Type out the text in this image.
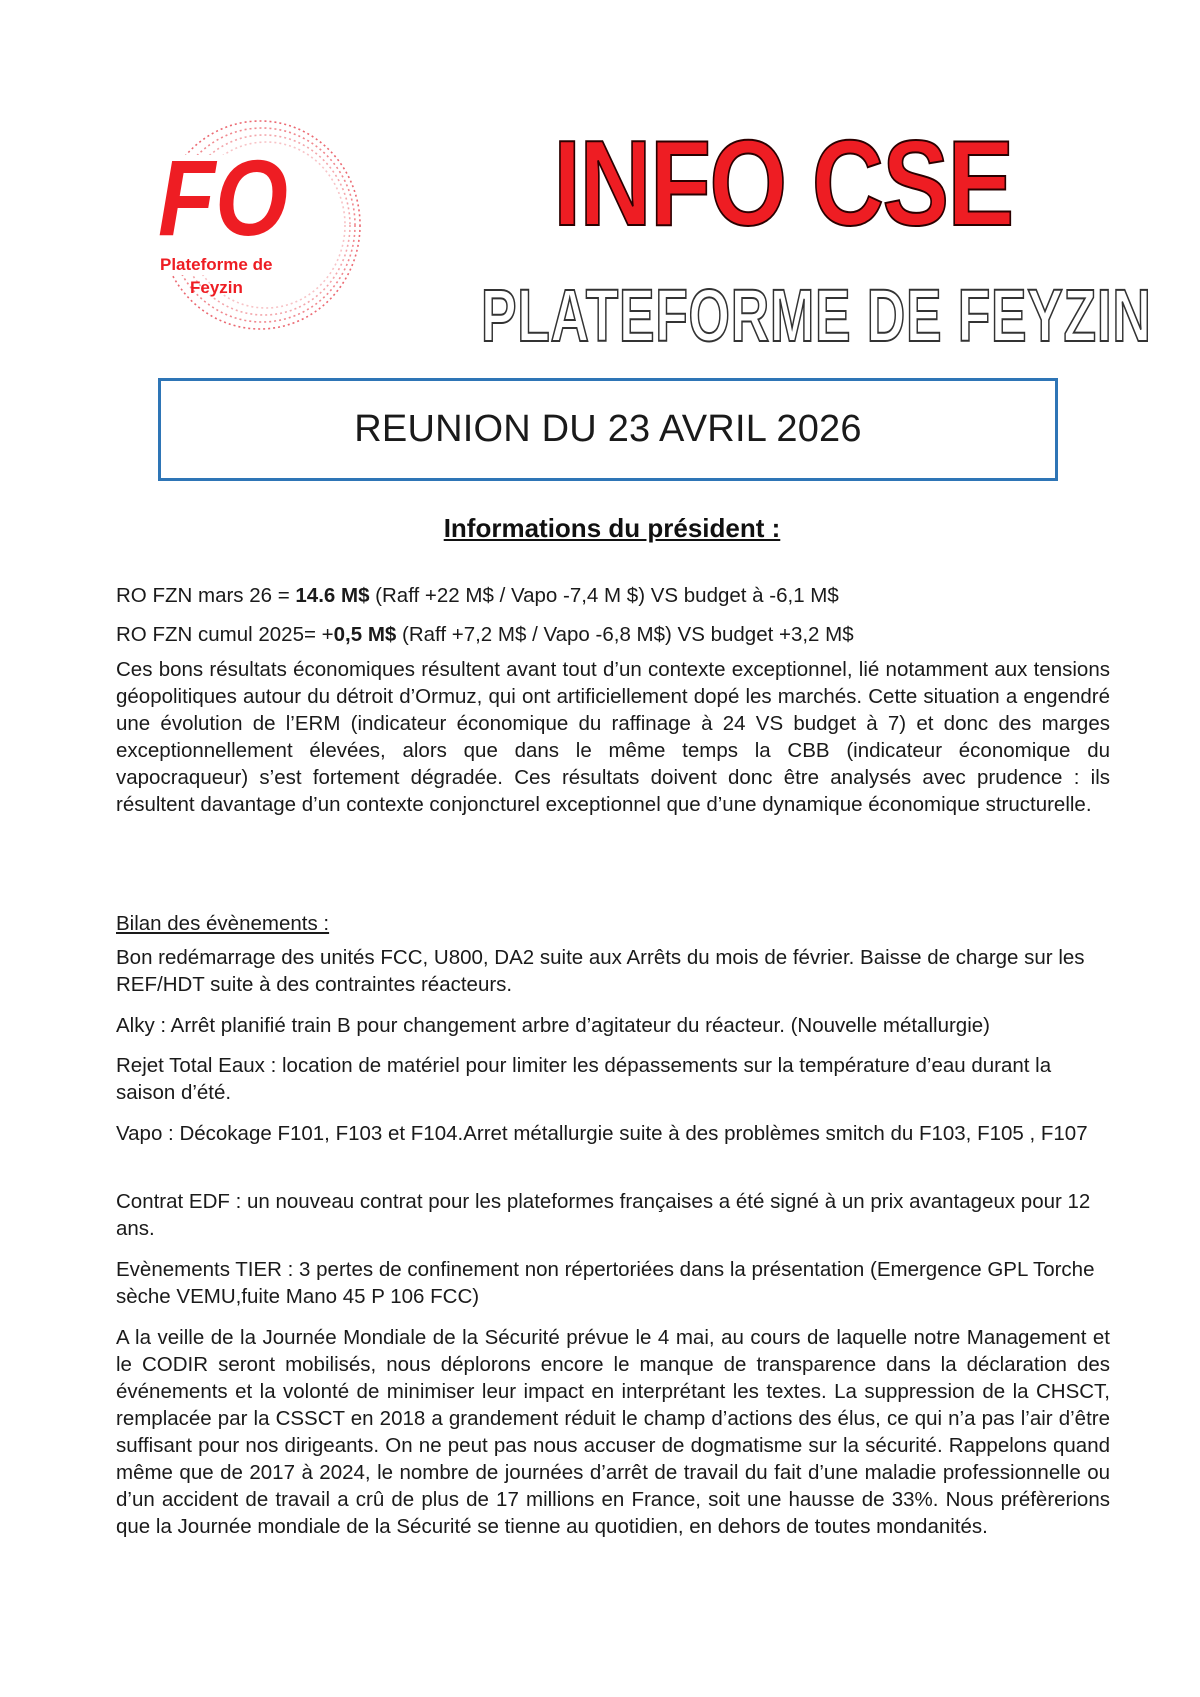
FO
Plateforme de
Feyzin
INFO CSE
PLATEFORME DE FEYZIN
REUNION DU 23 AVRIL 2026
Informations du président :
RO FZN mars 26 = 14.6 M$ (Raff +22 M$ / Vapo -7,4 M $) VS budget à -6,1 M$
RO FZN cumul 2025= +0,5 M$ (Raff +7,2 M$ / Vapo -6,8 M$) VS budget +3,2 M$
Ces bons résultats économiques résultent avant tout d’un contexte exceptionnel, lié notamment aux tensions géopolitiques autour du détroit d’Ormuz, qui ont artificiellement dopé les marchés. Cette situation a engendré une évolution de l’ERM (indicateur économique du raffinage à 24 VS budget à 7) et donc des marges exceptionnellement élevées, alors que dans le même temps la CBB (indicateur économique du vapocraqueur) s’est fortement dégradée. Ces résultats doivent donc être analysés avec prudence : ils résultent davantage d’un contexte conjoncturel exceptionnel que d’une dynamique économique structurelle.
Bilan des évènements :
Bon redémarrage des unités FCC, U800, DA2 suite aux Arrêts du mois de février. Baisse de charge sur les REF/HDT suite à des contraintes réacteurs.
Alky : Arrêt planifié train B pour changement arbre d’agitateur du réacteur. (Nouvelle métallurgie)
Rejet Total Eaux : location de matériel pour limiter les dépassements sur la température d’eau durant la saison d’été.
Vapo : Décokage F101, F103 et F104.Arret métallurgie suite à des problèmes smitch du F103, F105 , F107
Contrat EDF : un nouveau contrat pour les plateformes françaises a été signé à un prix avantageux pour 12 ans.
Evènements TIER : 3 pertes de confinement non répertoriées dans la présentation (Emergence GPL Torche sèche VEMU,fuite Mano 45 P 106 FCC)
A la veille de la Journée Mondiale de la Sécurité prévue le 4 mai, au cours de laquelle notre Management et le CODIR seront mobilisés, nous déplorons encore le manque de transparence dans la déclaration des événements et la volonté de minimiser leur impact en interprétant les textes. La suppression de la CHSCT, remplacée par la CSSCT en 2018 a grandement réduit le champ d’actions des élus, ce qui n’a pas l’air d’être suffisant pour nos dirigeants. On ne peut pas nous accuser de dogmatisme sur la sécurité. Rappelons quand même que de 2017 à 2024, le nombre de journées d’arrêt de travail du fait d’une maladie professionnelle ou d’un accident de travail a crû de plus de 17 millions en France, soit une hausse de 33%. Nous préfèrerions que la Journée mondiale de la Sécurité se tienne au quotidien, en dehors de toutes mondanités.
